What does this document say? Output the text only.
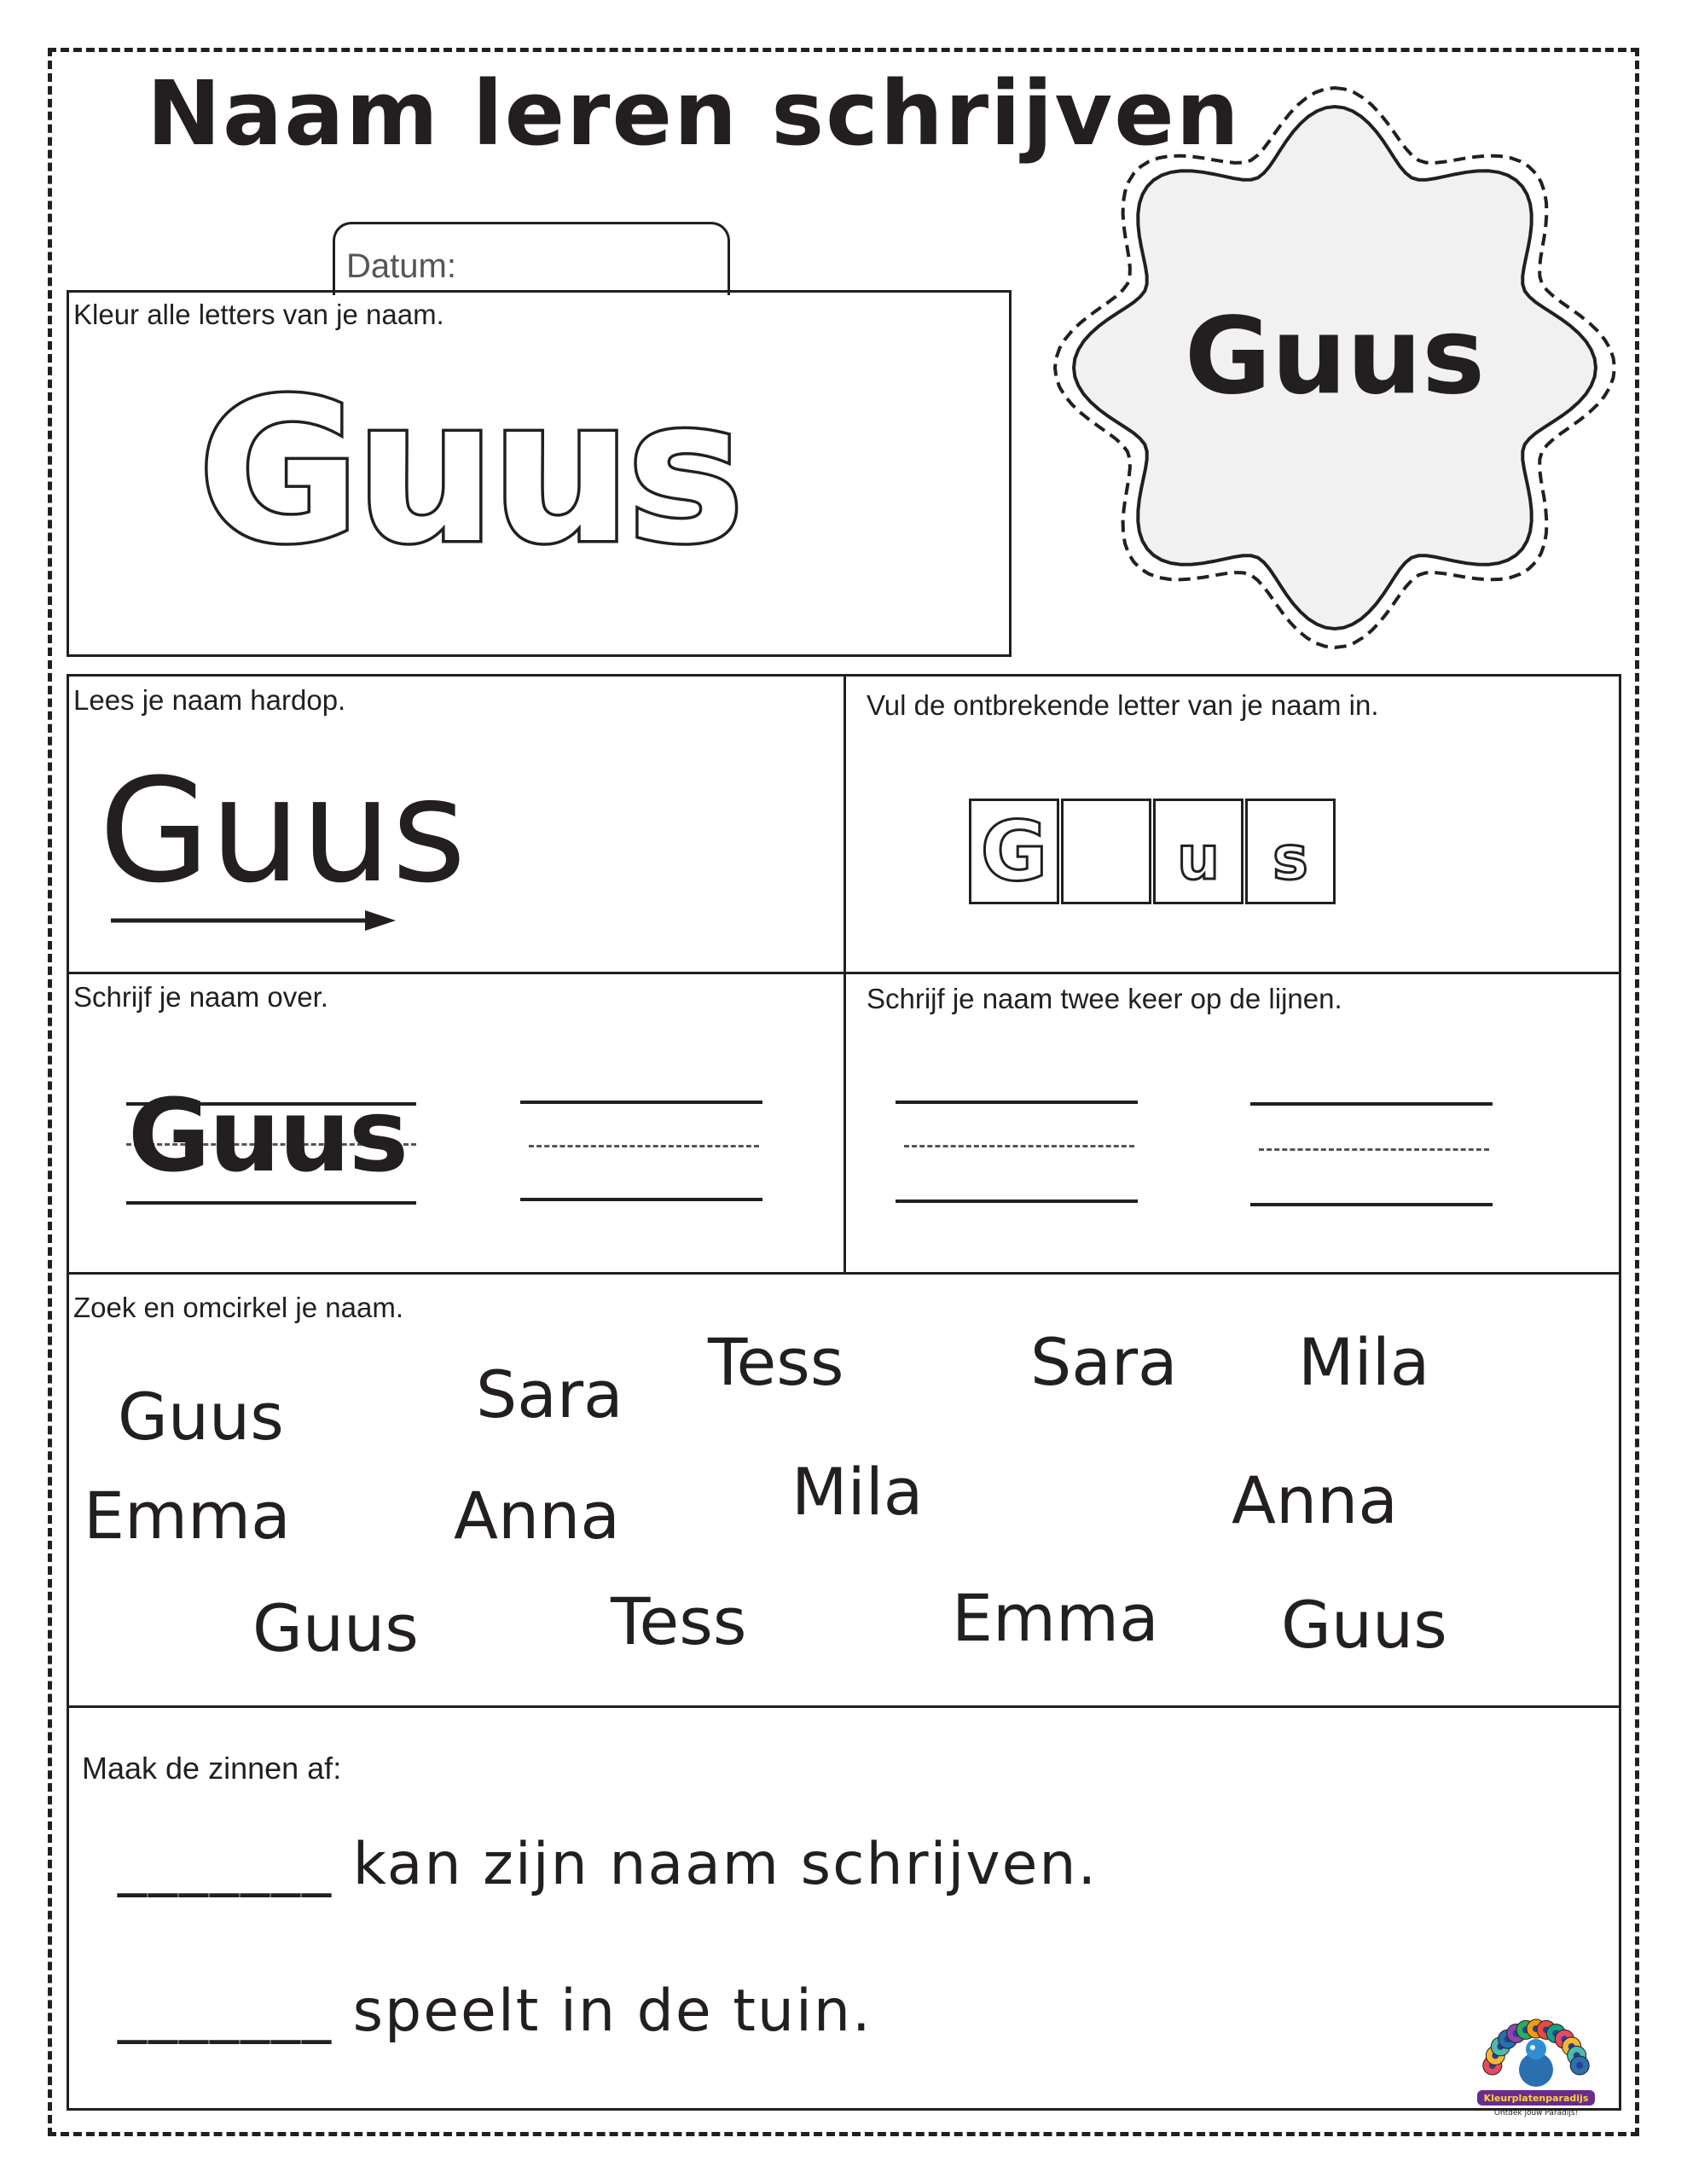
Naam leren schrijven
Datum:
Kleur alle letters van je naam.
Guus	Guus
Lees je naam hardop.
Guus
Vul de ontbrekende letter van je naam in.
G u s
Schrijf je naam over.
Guus
Schrijf je naam twee keer op de lijnen.
Zoek en omcirkel je naam.
Guus	Sara Tess	Sara Mila
Emma	Anna	Mila	Anna
Guus	Tess	Emma Guus
Maak de zinnen af:
_______ kan zijn naam schrijven.
_______ speelt in de tuin.
Kleurplatenparadijs
Ontdek jouw Paradijs!
